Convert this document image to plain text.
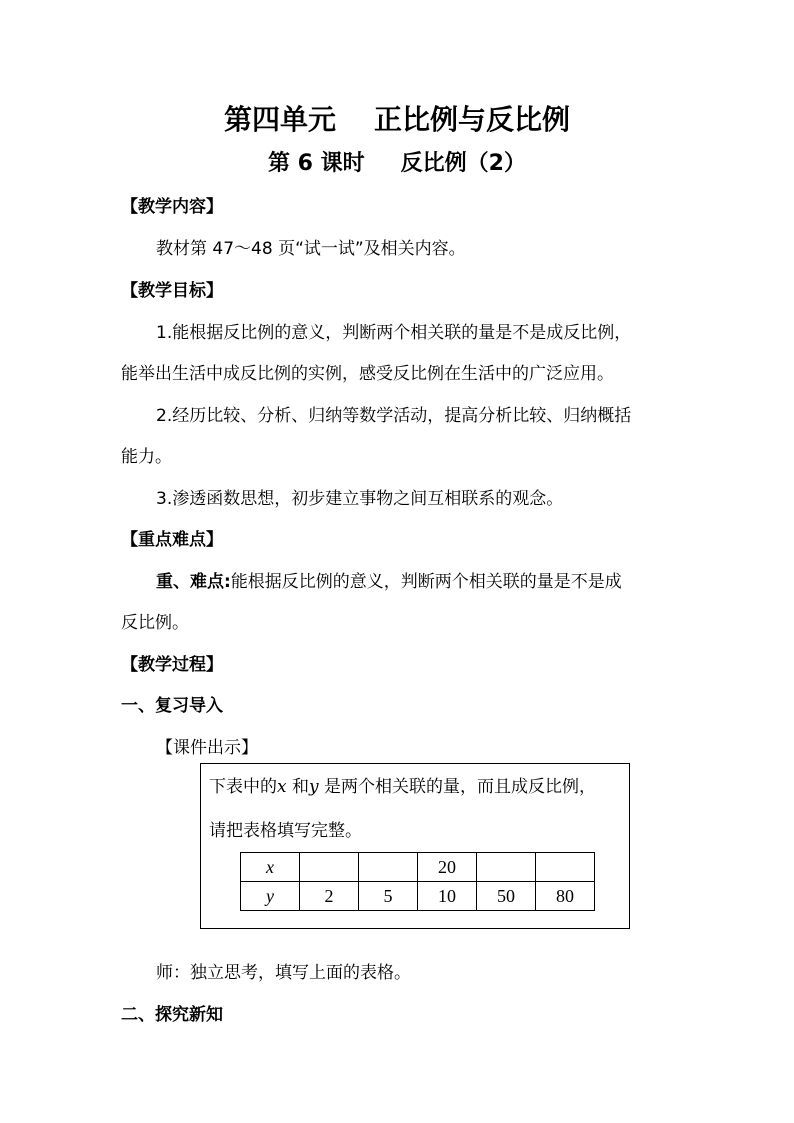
第四单元 正比例与反比例
第 6 课时 反比例（2）
【教学内容】
教材第 47～48 页“试一试”及相关内容。
【教学目标】
1.能根据反比例的意义，判断两个相关联的量是不是成反比例，
能举出生活中成反比例的实例，感受反比例在生活中的广泛应用。
2.经历比较、分析、归纳等数学活动，提高分析比较、归纳概括
能力。
3.渗透函数思想，初步建立事物之间互相联系的观念。
【重点难点】
重、难点:能根据反比例的意义，判断两个相关联的量是不是成
反比例。
【教学过程】
一、复习导入
【课件出示】
下表中的x 和y 是两个相关联的量，而且成反比例，
请把表格填写完整。
x			20		
y	2	5	10	50	80
师：独立思考，填写上面的表格。
二、探究新知
